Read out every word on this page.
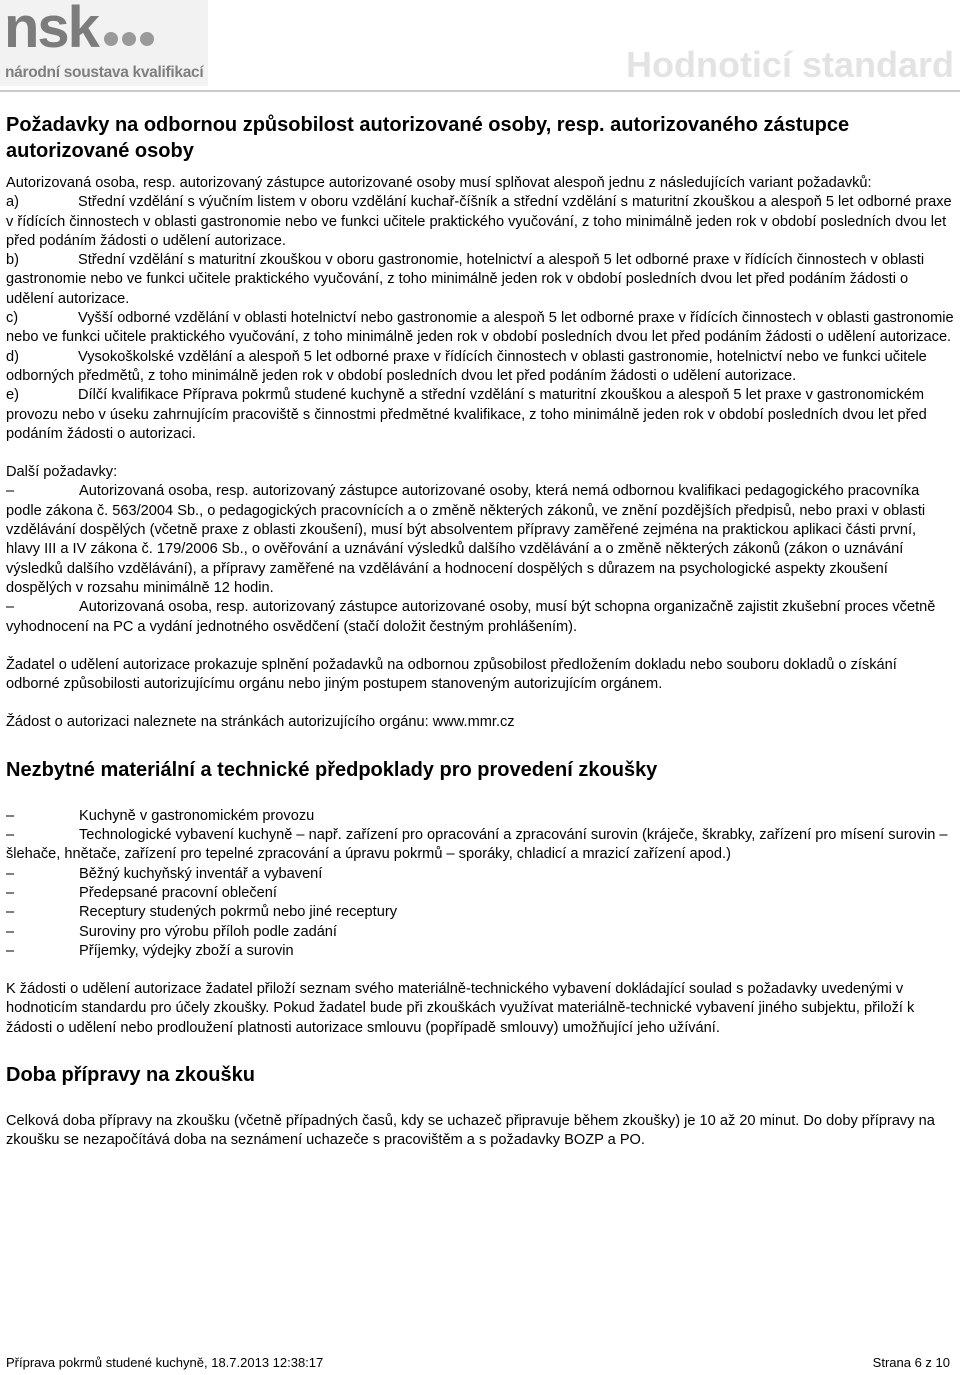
nsk
národní soustava kvalifikací	Hodnoticí standard
Požadavky na odbornou způsobilost autorizované osoby, resp. autorizovaného zástupce autorizované osoby

Autorizovaná osoba, resp. autorizovaný zástupce autorizované osoby musí splňovat alespoň jednu z následujících variant požadavků:

a)	Střední vzdělání s výučním listem v oboru vzdělání kuchař-číšník a střední vzdělání s maturitní zkouškou a alespoň 5 let odborné praxe v řídících činnostech v oblasti gastronomie nebo ve funkci učitele praktického vyučování, z toho minimálně jeden rok v období posledních dvou let před podáním žádosti o udělení autorizace.
b)	Střední vzdělání s maturitní zkouškou v oboru gastronomie, hotelnictví a alespoň 5 let odborné praxe v řídících činnostech v oblasti gastronomie nebo ve funkci učitele praktického vyučování, z toho minimálně jeden rok v období posledních dvou let před podáním žádosti o udělení autorizace.
c)	Vyšší odborné vzdělání v oblasti hotelnictví nebo gastronomie a alespoň 5 let odborné praxe v řídících činnostech v oblasti gastronomie nebo ve funkci učitele praktického vyučování, z toho minimálně jeden rok v období posledních dvou let před podáním žádosti o udělení autorizace.
d)	Vysokoškolské vzdělání a alespoň 5 let odborné praxe v řídících činnostech v oblasti gastronomie, hotelnictví nebo ve funkci učitele odborných předmětů, z toho minimálně jeden rok v období posledních dvou let před podáním žádosti o udělení autorizace.
e)	Dílčí kvalifikace Příprava pokrmů studené kuchyně a střední vzdělání s maturitní zkouškou a alespoň 5 let praxe v gastronomickém provozu nebo v úseku zahrnujícím pracoviště s činnostmi předmětné kvalifikace, z toho minimálně jeden rok v období posledních dvou let před podáním žádosti o autorizaci.

Další požadavky:

–	Autorizovaná osoba, resp. autorizovaný zástupce autorizované osoby, která nemá odbornou kvalifikaci pedagogického pracovníka podle zákona č. 563/2004 Sb., o pedagogických pracovnících a o změně některých zákonů, ve znění pozdějších předpisů, nebo praxi v oblasti vzdělávání dospělých (včetně praxe z oblasti zkoušení), musí být absolventem přípravy zaměřené zejména na praktickou aplikaci části první, hlavy III a IV zákona č. 179/2006 Sb., o ověřování a uznávání výsledků dalšího vzdělávání a o změně některých zákonů (zákon o uznávání výsledků dalšího vzdělávání), a přípravy zaměřené na vzdělávání a hodnocení dospělých s důrazem na psychologické aspekty zkoušení dospělých v rozsahu minimálně 12 hodin.
–	Autorizovaná osoba, resp. autorizovaný zástupce autorizované osoby, musí být schopna organizačně zajistit zkušební proces včetně vyhodnocení na PC a vydání jednotného osvědčení (stačí doložit čestným prohlášením).

Žadatel o udělení autorizace prokazuje splnění požadavků na odbornou způsobilost předložením dokladu nebo souboru dokladů o získání odborné způsobilosti autorizujícímu orgánu nebo jiným postupem stanoveným autorizujícím orgánem.

Žádost o autorizaci naleznete na stránkách autorizujícího orgánu: www.mmr.cz

Nezbytné materiální a technické předpoklady pro provedení zkoušky
–	Kuchyně v gastronomickém provozu
–	Technologické vybavení kuchyně – např. zařízení pro opracování a zpracování surovin (kráječe, škrabky, zařízení pro mísení surovin – šlehače, hnětače, zařízení pro tepelné zpracování a úpravu pokrmů – sporáky, chladicí a mrazicí zařízení apod.)
–	Běžný kuchyňský inventář a vybavení
–	Předepsané pracovní oblečení
–	Receptury studených pokrmů nebo jiné receptury
–	Suroviny pro výrobu příloh podle zadání
–	Příjemky, výdejky zboží a surovin

K žádosti o udělení autorizace žadatel přiloží seznam svého materiálně-technického vybavení dokládající soulad s požadavky uvedenými v hodnoticím standardu pro účely zkoušky. Pokud žadatel bude při zkouškách využívat materiálně-technické vybavení jiného subjektu, přiloží k žádosti o udělení nebo prodloužení platnosti autorizace smlouvu (popřípadě smlouvy) umožňující jeho užívání.

Doba přípravy na zkoušku

Celková doba přípravy na zkoušku (včetně případných časů, kdy se uchazeč připravuje během zkoušky) je 10 až 20 minut. Do doby přípravy na zkoušku se nezapočítává doba na seznámení uchazeče s pracovištěm a s požadavky BOZP a PO.

Příprava pokrmů studené kuchyně, 18.7.2013 12:38:17	Strana 6 z 10
